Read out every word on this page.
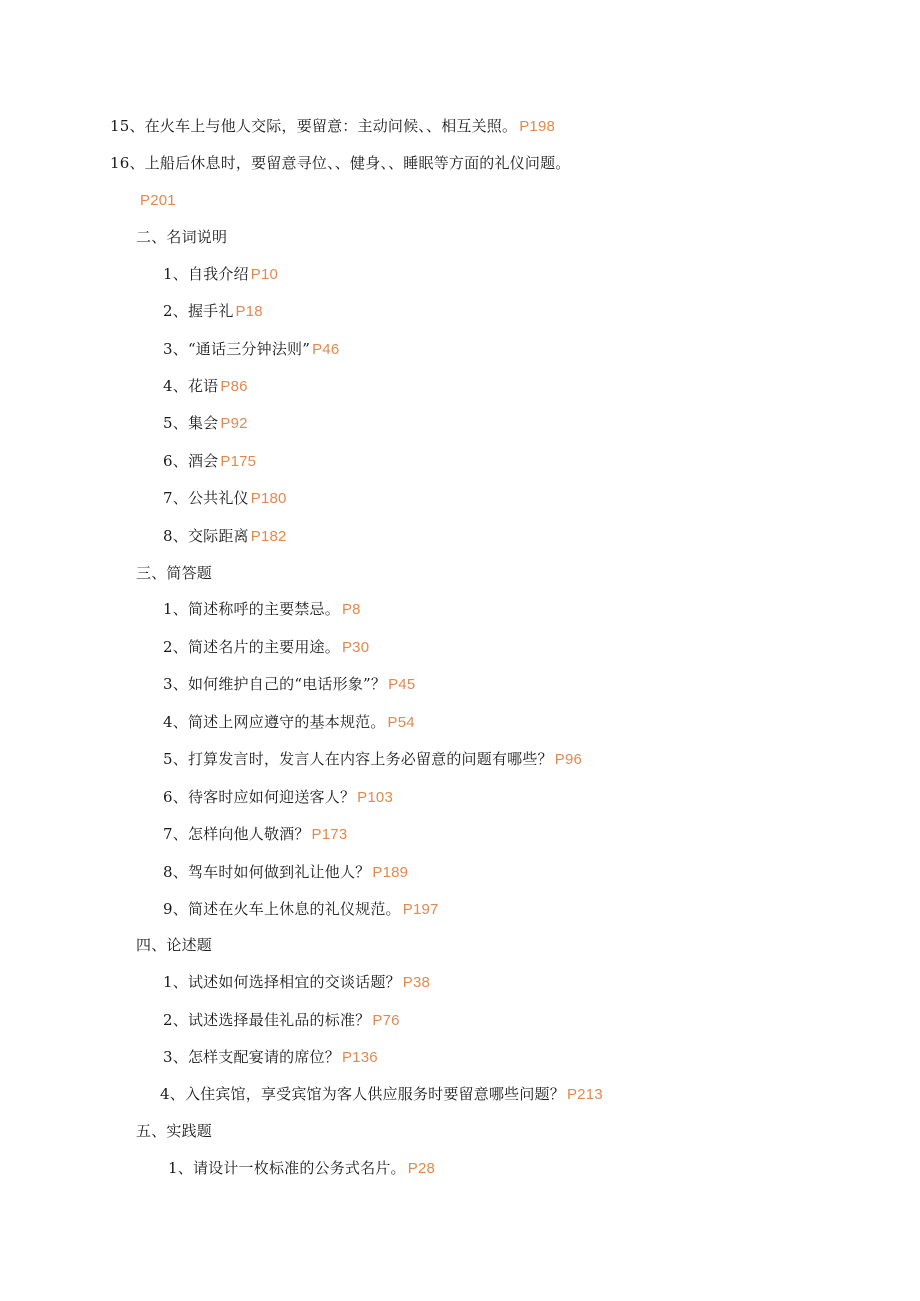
15、在火车上与他人交际，要留意：主动问候、、相互关照。 P198
16、上船后休息时，要留意寻位、、健身、、睡眠等方面的礼仪问题。
P201
二、名词说明
1、自我介绍 P10
2、握手礼 P18
3、“通话三分钟法则” P46
4、花语 P86
5、集会 P92
6、酒会 P175
7、公共礼仪 P180
8、交际距离 P182
三、简答题
1、简述称呼的主要禁忌。 P8
2、简述名片的主要用途。 P30
3、如何维护自己的“电话形象”？ P45
4、简述上网应遵守的基本规范。 P54
5、打算发言时，发言人在内容上务必留意的问题有哪些？ P96
6、待客时应如何迎送客人？ P103
7、怎样向他人敬酒？ P173
8、驾车时如何做到礼让他人？ P189
9、简述在火车上休息的礼仪规范。 P197
四、论述题
1、试述如何选择相宜的交谈话题？ P38
2、试述选择最佳礼品的标准？ P76
3、怎样支配宴请的席位？ P136
4、入住宾馆，享受宾馆为客人供应服务时要留意哪些问题？ P213
五、实践题
1、请设计一枚标准的公务式名片。 P28
